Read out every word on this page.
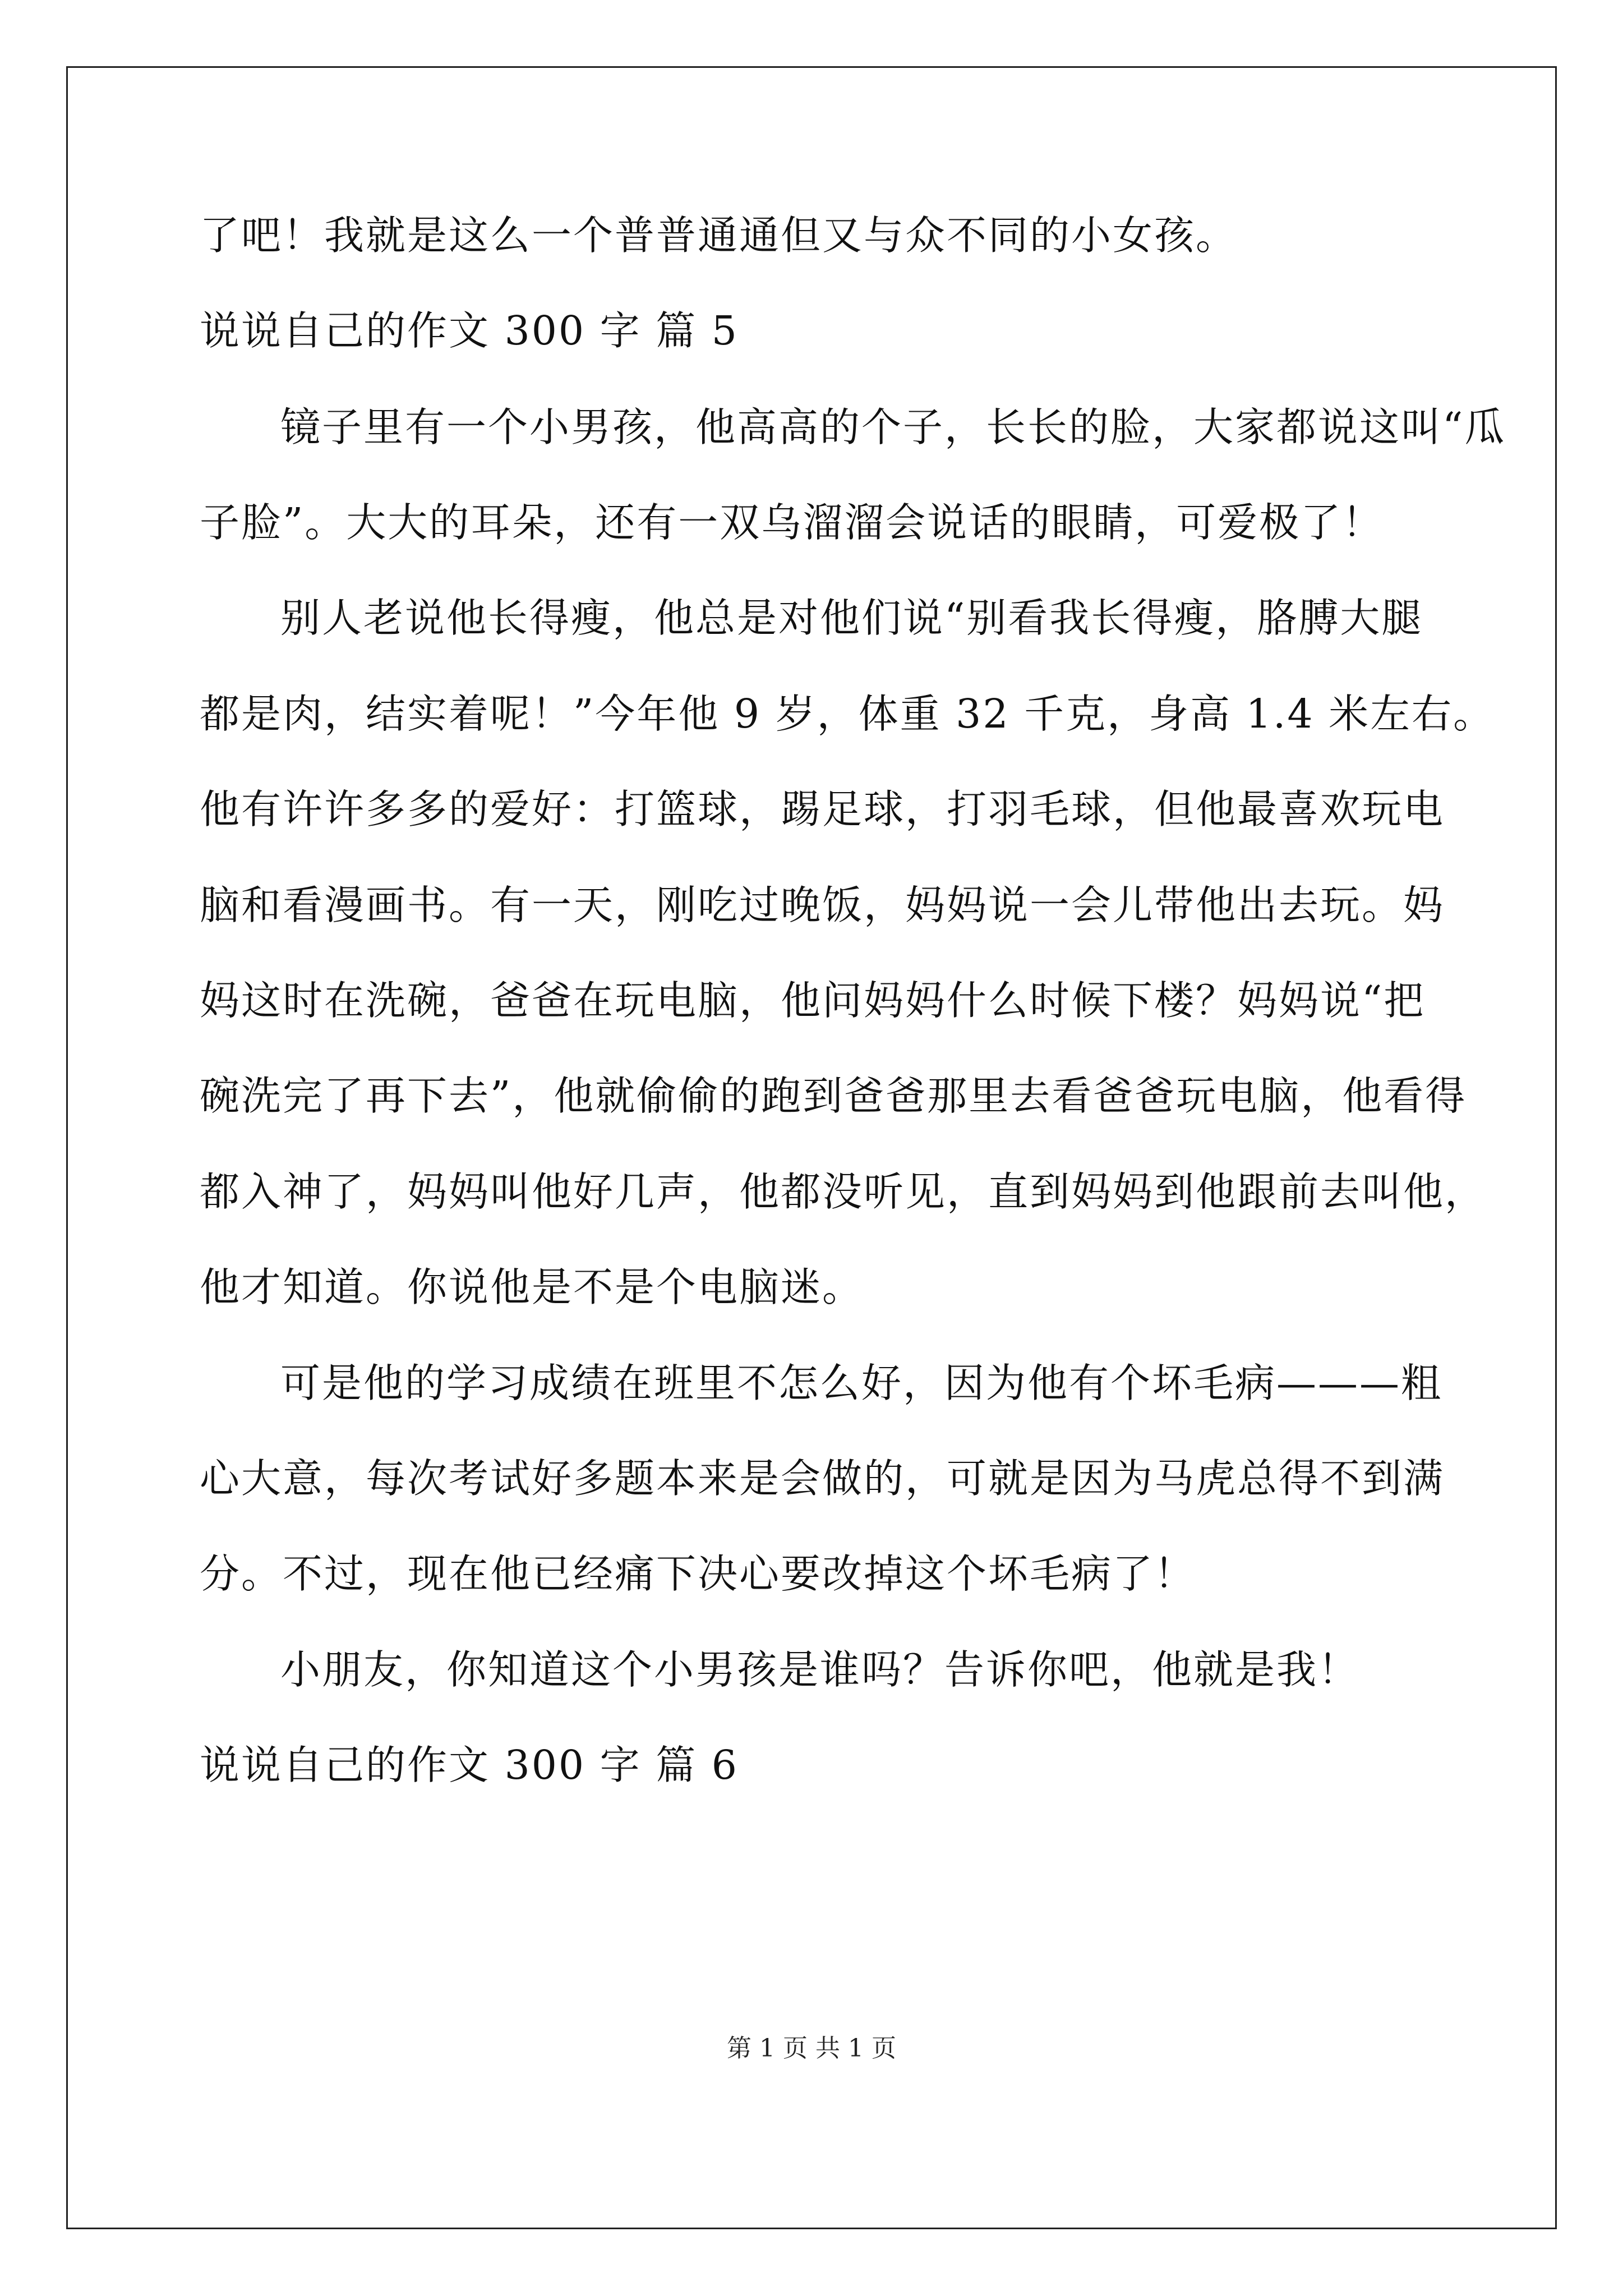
了吧！我就是这么一个普普通通但又与众不同的小女孩。
说说自己的作文 300 字 篇 5
镜子里有一个小男孩，他高高的个子，长长的脸，大家都说这叫“瓜
子脸”。大大的耳朵，还有一双乌溜溜会说话的眼睛，可爱极了！
别人老说他长得瘦，他总是对他们说“别看我长得瘦，胳膊大腿
都是肉，结实着呢！”今年他 9 岁，体重 32 千克，身高 1.4 米左右。
他有许许多多的爱好：打篮球，踢足球，打羽毛球，但他最喜欢玩电
脑和看漫画书。有一天，刚吃过晚饭，妈妈说一会儿带他出去玩。妈
妈这时在洗碗，爸爸在玩电脑，他问妈妈什么时候下楼？妈妈说“把
碗洗完了再下去”，他就偷偷的跑到爸爸那里去看爸爸玩电脑，他看得
都入神了，妈妈叫他好几声，他都没听见，直到妈妈到他跟前去叫他，
他才知道。你说他是不是个电脑迷。
可是他的学习成绩在班里不怎么好，因为他有个坏毛病———粗
心大意，每次考试好多题本来是会做的，可就是因为马虎总得不到满
分。不过，现在他已经痛下决心要改掉这个坏毛病了！
小朋友，你知道这个小男孩是谁吗？告诉你吧，他就是我！
说说自己的作文 300 字 篇 6
第 1 页 共 1 页
